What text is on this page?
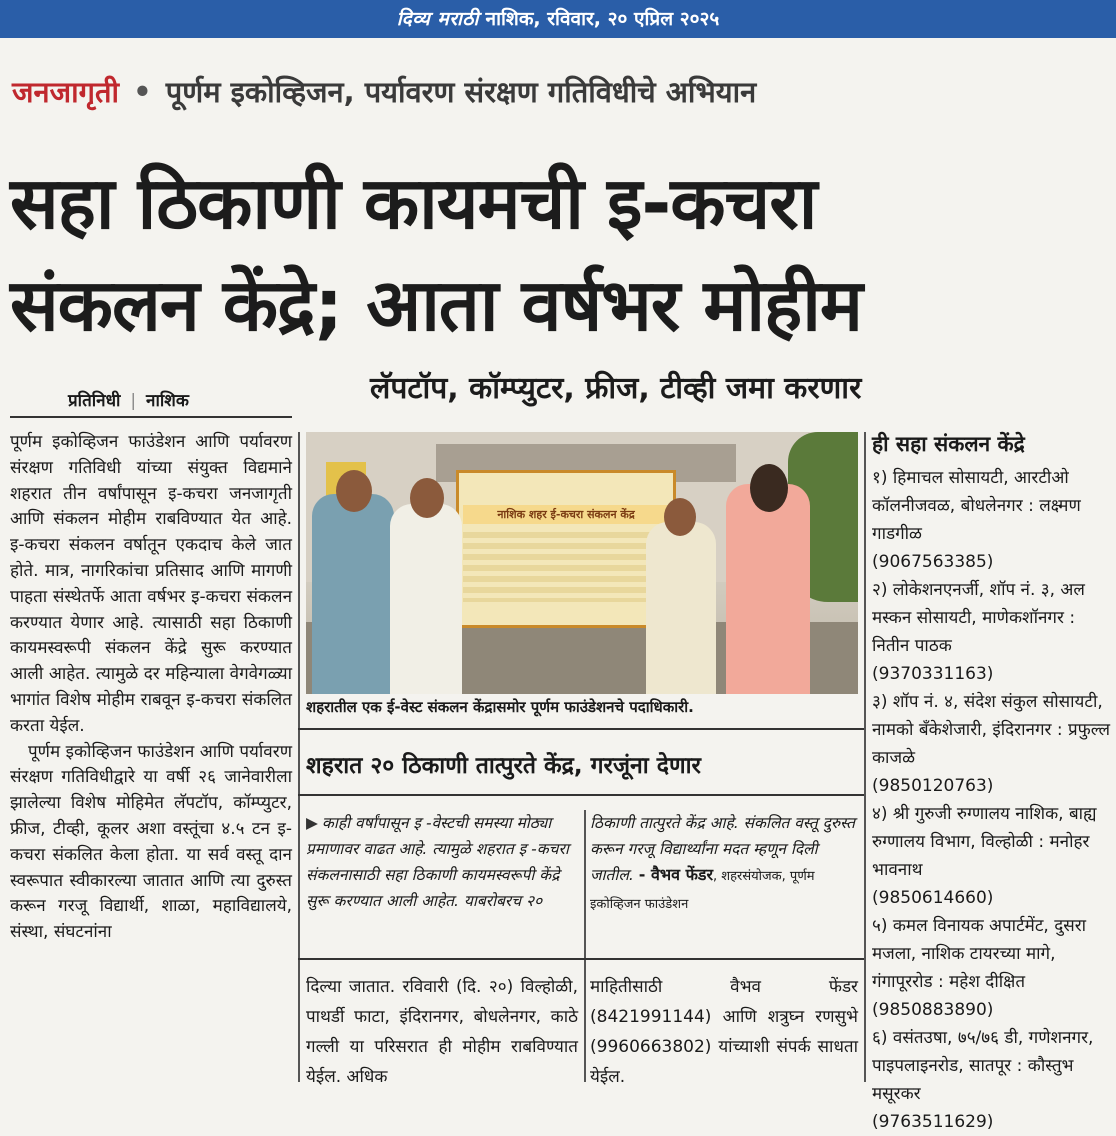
दिव्य मराठी नाशिक, रविवार, २० एप्रिल २०२५
जनजागृती • पूर्णम इकोव्हिजन, पर्यावरण संरक्षण गतिविधीचे अभियान
सहा ठिकाणी कायमची इ-कचरा
संकलन केंद्रे; आता वर्षभर मोहीम
लॅपटॉप, कॉम्प्युटर, फ्रीज, टीव्ही जमा करणार
प्रतिनिधी | नाशिक

पूर्णम इकोव्हिजन फाउंडेशन आणि पर्यावरण संरक्षण गतिविधी यांच्या संयुक्त विद्यमाने शहरात तीन वर्षांपासून इ-कचरा जनजागृती आणि संकलन मोहीम राबविण्यात येत आहे. इ-कचरा संकलन वर्षातून एकदाच केले जात होते. मात्र, नागरिकांचा प्रतिसाद आणि मागणी पाहता संस्थेतर्फे आता वर्षभर इ-कचरा संकलन करण्यात येणार आहे. त्यासाठी सहा ठिकाणी कायमस्वरूपी संकलन केंद्रे सुरू करण्यात आली आहेत. त्यामुळे दर महिन्याला वेगवेगळ्या भागांत विशेष मोहीम राबवून इ-कचरा संकलित करता येईल.

पूर्णम इकोव्हिजन फाउंडेशन आणि पर्यावरण संरक्षण गतिविधीद्वारे या वर्षी २६ जानेवारीला झालेल्या विशेष मोहिमेत लॅपटॉप, कॉम्प्युटर, फ्रीज, टीव्ही, कूलर अशा वस्तूंचा ४.५ टन इ-कचरा संकलित केला होता. या सर्व वस्तू दान स्वरूपात स्वीकारल्या जातात आणि त्या दुरुस्त करून गरजू विद्यार्थी, शाळा, महाविद्यालये, संस्था, संघटनांना

नाशिक शहर ई-कचरा संकलन केंद्र
शहरातील एक ई-वेस्ट संकलन केंद्रासमोर पूर्णम फाउंडेशनचे पदाधिकारी.
शहरात २० ठिकाणी तात्पुरते केंद्र, गरजूंना देणार
▶ काही वर्षांपासून इ -वेस्टची समस्या मोठ्या प्रमाणावर वाढत आहे. त्यामुळे शहरात इ -कचरा संकलनासाठी सहा ठिकाणी कायमस्वरूपी केंद्रे सुरू करण्यात आली आहेत. याबरोबरच २०
ठिकाणी तात्पुरते केंद्र आहे. संकलित वस्तू दुरुस्त करून गरजू विद्यार्थ्यांना मदत म्हणून दिली जातील. - वैभव फेंडर, शहरसंयोजक, पूर्णम इकोव्हिजन फाउंडेशन
दिल्या जातात. रविवारी (दि. २०) विल्होळी, पाथर्डी फाटा, इंदिरानगर, बोधलेनगर, काठे गल्ली या परिसरात ही मोहीम राबविण्यात येईल. अधिक
माहितीसाठी वैभव फेंडर (8421991144) आणि शत्रुघ्न रणसुभे (9960663802) यांच्याशी संपर्क साधता येईल.
ही सहा संकलन केंद्रे
१) हिमाचल सोसायटी, आरटीओ कॉलनीजवळ, बोधलेनगर : लक्ष्मण गाडगीळ
(9067563385)
२) लोकेशनएनर्जी, शॉप नं. ३, अल मस्कन सोसायटी, माणेकशॉनगर : नितीन पाठक
(9370331163)
३) शॉप नं. ४, संदेश संकुल सोसायटी, नामको बँकेशेजारी, इंदिरानगर : प्रफुल्ल काजळे
(9850120763)
४) श्री गुरुजी रुग्णालय नाशिक, बाह्य रुग्णालय विभाग, विल्होळी : मनोहर भावनाथ
(9850614660)
५) कमल विनायक अपार्टमेंट, दुसरा मजला, नाशिक टायरच्या मागे, गंगापूररोड : महेश दीक्षित
(9850883890)
६) वसंतउषा, ७५/७६ डी, गणेशनगर, पाइपलाइनरोड, सातपूर : कौस्तुभ मसूरकर
(9763511629)
